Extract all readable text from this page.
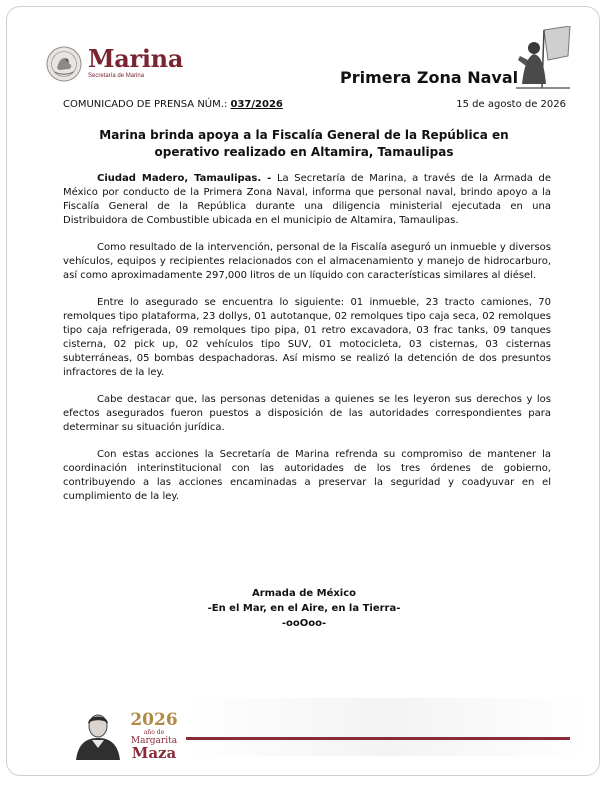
Marina
Secretaría de Marina	Primera Zona Naval
COMUNICADO DE PRENSA NÚM.: 037/2026	15 de agosto de 2026
Marina brinda apoya a la Fiscalía General de la República en operativo realizado en Altamira, Tamaulipas

Ciudad Madero, Tamaulipas. - La Secretaría de Marina, a través de la Armada de México por conducto de la Primera Zona Naval, informa que personal naval, brindo apoyo a la Fiscalía General de la República durante una diligencia ministerial ejecutada en una Distribuidora de Combustible ubicada en el municipio de Altamira, Tamaulipas.

Como resultado de la intervención, personal de la Fiscalía aseguró un inmueble y diversos vehículos, equipos y recipientes relacionados con el almacenamiento y manejo de hidrocarburo, así como aproximadamente 297,000 litros de un líquido con características similares al diésel.

Entre lo asegurado se encuentra lo siguiente: 01 inmueble, 23 tracto camiones, 70 remolques tipo plataforma, 23 dollys, 01 autotanque, 02 remolques tipo caja seca, 02 remolques tipo caja refrigerada, 09 remolques tipo pipa, 01 retro excavadora, 03 frac tanks, 09 tanques cisterna, 02 pick up, 02 vehículos tipo SUV, 01 motocicleta, 03 cisternas, 03 cisternas subterráneas, 05 bombas despachadoras. Así mismo se realizó la detención de dos presuntos infractores de la ley.

Cabe destacar que, las personas detenidas a quienes se les leyeron sus derechos y los efectos asegurados fueron puestos a disposición de las autoridades correspondientes para determinar su situación jurídica.

Con estas acciones la Secretaría de Marina refrenda su compromiso de mantener la coordinación interinstitucional con las autoridades de los tres órdenes de gobierno, contribuyendo a las acciones encaminadas a preservar la seguridad y coadyuvar en el cumplimiento de la ley.

Armada de México
-En el Mar, en el Aire, en la Tierra-
-ooOoo-
2026
año de
Margarita
Maza
